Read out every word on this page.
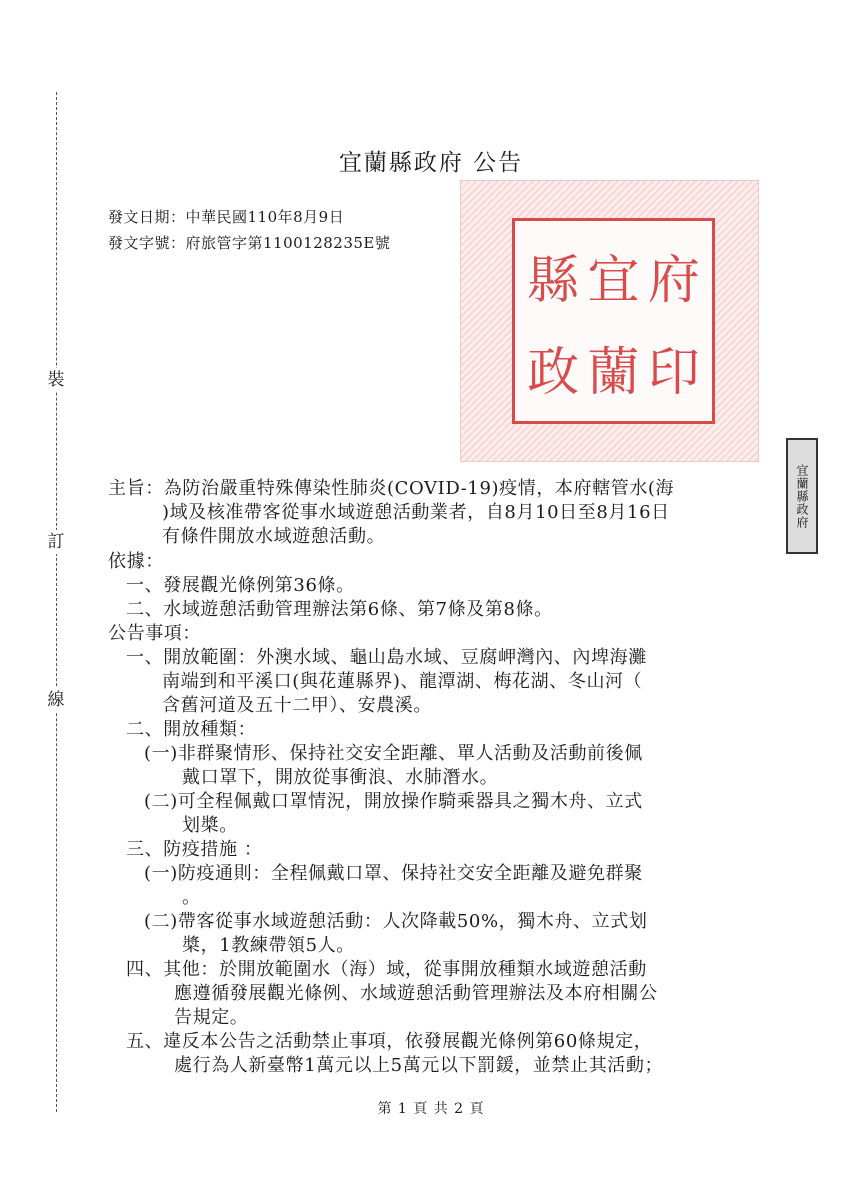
裝
訂
線
宜蘭縣政府 公告
發文日期：中華民國110年8月9日
發文字號：府旅管字第1100128235E號
縣 宜 府
政 蘭 印
宜蘭縣政府
主旨：為防治嚴重特殊傳染性肺炎(COVID-19)疫情，本府轄管水(海
)域及核准帶客從事水域遊憩活動業者，自8月10日至8月16日
有條件開放水域遊憩活動。
依據：
一、發展觀光條例第36條。
二、水域遊憩活動管理辦法第6條、第7條及第8條。
公告事項：
一、開放範圍：外澳水域、龜山島水域、豆腐岬灣內、內埤海灘
南端到和平溪口(與花蓮縣界)、龍潭湖、梅花湖、冬山河（
含舊河道及五十二甲）、安農溪。
二、開放種類：
(一)非群聚情形、保持社交安全距離、單人活動及活動前後佩
戴口罩下，開放從事衝浪、水肺潛水。
(二)可全程佩戴口罩情況，開放操作騎乘器具之獨木舟、立式
划槳。
三、防疫措施 ：
(一)防疫通則：全程佩戴口罩、保持社交安全距離及避免群聚
。
(二)帶客從事水域遊憩活動：人次降載50%，獨木舟、立式划
槳，1教練帶領5人。
四、其他：於開放範圍水（海）域，從事開放種類水域遊憩活動
應遵循發展觀光條例、水域遊憩活動管理辦法及本府相關公
告規定。
五、違反本公告之活動禁止事項，依發展觀光條例第60條規定，
處行為人新臺幣1萬元以上5萬元以下罰鍰，並禁止其活動；
第 1 頁 共 2 頁
